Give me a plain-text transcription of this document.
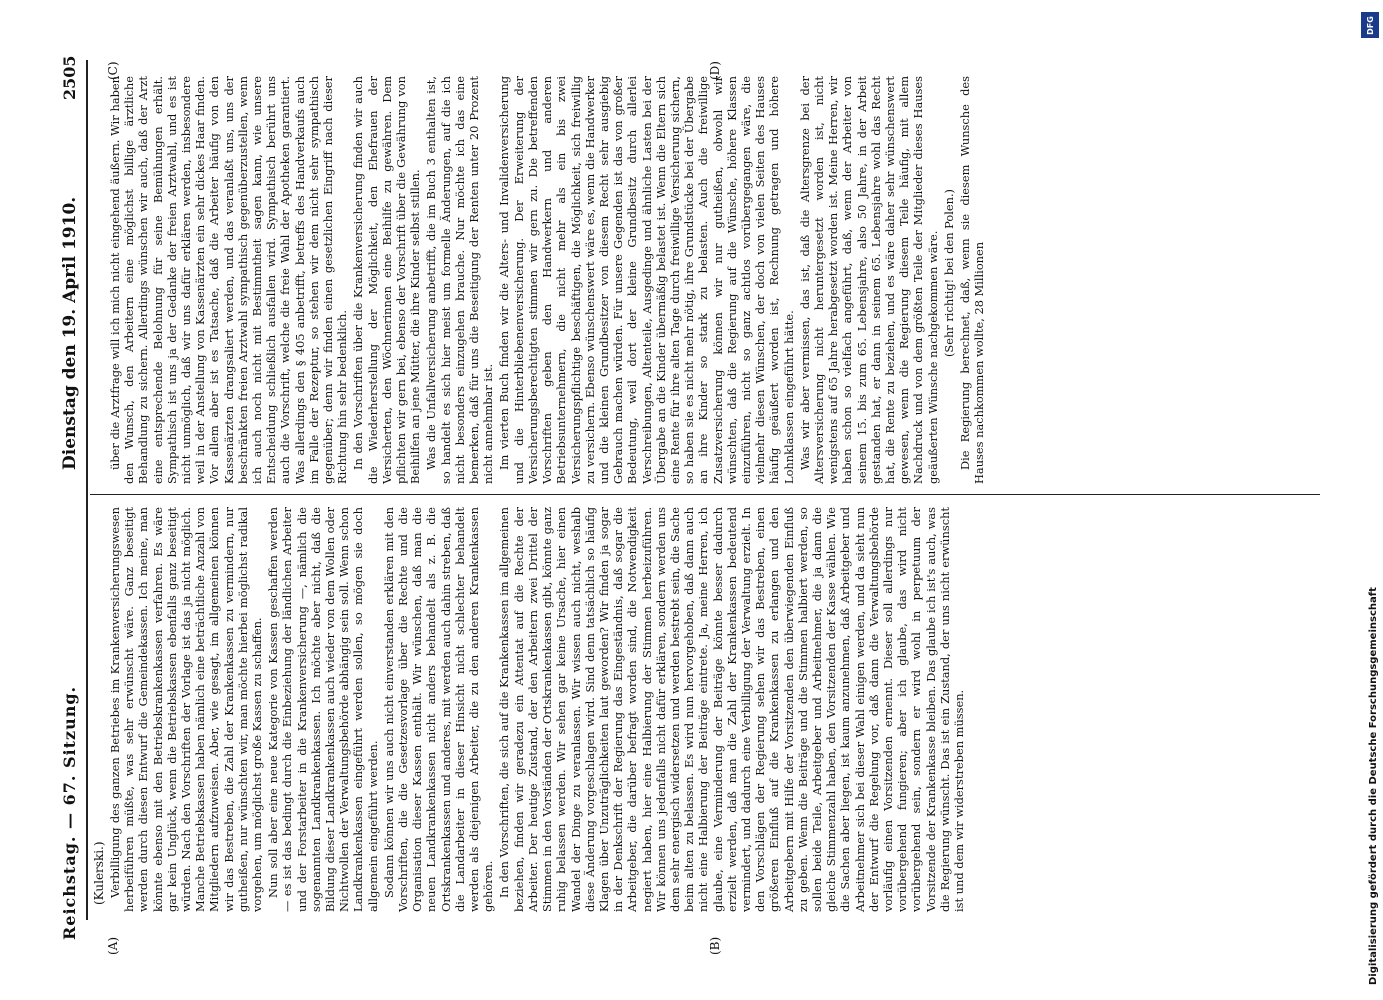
DFG
Digitalisierung gefördert durch die Deutsche Forschungsgemeinschaft
Reichstag. — 67. Sitzung.
Dienstag den 19. April 1910.
2505
(A)	(B)
(C)	(D)
(Kulerski.) Verbilligung des ganzen Betriebes im Krankenversicherungswesen herbeiführen müßte, was sehr erwünscht wäre. Ganz beseitigt werden durch diesen Entwurf die Gemeindekassen. Ich meine, man könnte ebenso mit den Betriebskrankenkassen verfahren. Es wäre gar kein Unglück, wenn die Betriebskassen ebenfalls ganz beseitigt würden. Nach den Vorschriften der Vorlage ist das ja nicht möglich. Manche Betriebskassen haben nämlich eine beträchtliche Anzahl von Mitgliedern aufzuweisen. Aber, wie gesagt, im allgemeinen können wir das Bestreben, die Zahl der Krankenkassen zu vermindern, nur gutheißen, nur wünschten wir, man möchte hierbei möglichst radikal vorgehen, um möglichst große Kassen zu schaffen. Nun soll aber eine neue Kategorie von Kassen geschaffen werden — es ist das bedingt durch die Einbeziehung der ländlichen Arbeiter und der Forstarbeiter in die Krankenversicherung —, nämlich die sogenannten Landkrankenkassen. Ich möchte aber nicht, daß die Bildung dieser Landkrankenkassen auch wieder von dem Wollen oder Nichtwollen der Verwaltungsbehörde abhängig sein soll. Wenn schon Landkrankenkassen eingeführt werden sollen, so mögen sie doch allgemein eingeführt werden. Sodann können wir uns auch nicht einverstanden erklären mit den Vorschriften, die die Gesetzesvorlage über die Rechte und die Organisation dieser Kassen enthält. Wir wünschen, daß man die neuen Landkrankenkassen nicht anders behandelt als z. B. die Ortskrankenkassen und anderes, mit werden auch dahin streben, daß die Landarbeiter in dieser Hinsicht nicht schlechter behandelt werden als diejenigen Arbeiter, die zu den anderen Krankenkassen gehören. In den Vorschriften, die sich auf die Krankenkassen im allgemeinen beziehen, finden wir geradezu ein Attentat auf die Rechte der Arbeiter. Der heutige Zustand, der den Arbeitern zwei Drittel der Stimmen in den Vorständen der Ortskrankenkassen gibt, könnte ganz ruhig belassen werden. Wir sehen gar keine Ursache, hier einen Wandel der Dinge zu veranlassen. Wir wissen auch nicht, weshalb diese Änderung vorgeschlagen wird. Sind denn tatsächlich so häufig Klagen über Unzuträglichkeiten laut geworden? Wir finden ja sogar in der Denkschrift der Regierung das Eingeständnis, daß sogar die Arbeitgeber, die darüber befragt worden sind, die Notwendigkeit negiert haben, hier eine Halbierung der Stimmen herbeizuführen. Wir können uns jedenfalls nicht dafür erklären, sondern werden uns dem sehr energisch widersetzen und werden bestrebt sein, die Sache beim alten zu belassen. Es wird nun hervorgehoben, daß dann auch nicht eine Halbierung der Beiträge eintrete. Ja, meine Herren, ich glaube, eine Verminderung der Beiträge könnte besser dadurch erzielt werden, daß man die Zahl der Krankenkassen bedeutend vermindert, und dadurch eine Verbilligung der Verwaltung erzielt. In den Vorschlägen der Regierung sehen wir das Bestreben, einen größeren Einfluß auf die Krankenkassen zu erlangen und den Arbeitgebern mit Hilfe der Vorsitzenden den überwiegenden Einfluß zu geben. Wenn die Beiträge und die Stimmen halbiert werden, so sollen beide Teile, Arbeitgeber und Arbeitnehmer, die ja dann die gleiche Stimmenzahl haben, den Vorsitzenden der Kasse wählen. Wie die Sachen aber liegen, ist kaum anzunehmen, daß Arbeitgeber und Arbeitnehmer sich bei dieser Wahl einigen werden, und da sieht nun der Entwurf die Regelung vor, daß dann die Verwaltungsbehörde vorläufig einen Vorsitzenden ernennt. Dieser soll allerdings nur vorübergehend fungieren; aber ich glaube, das wird nicht vorübergehend sein, sondern er wird wohl in perpetuum der Vorsitzende der Krankenkasse bleiben. Das glaube ich ist's auch, was die Regierung wünscht. Das ist ein Zustand, der uns nicht erwünscht ist und dem wir widerstreben müssen.

über die Arztfrage will ich mich nicht eingehend äußern. Wir haben den Wunsch, den Arbeitern eine möglichst billige ärztliche Behandlung zu sichern. Allerdings wünschen wir auch, daß der Arzt eine entsprechende Belohnung für seine Bemühungen erhält. Sympathisch ist uns ja der Gedanke der freien Arztwahl, und es ist nicht unmöglich, daß wir uns dafür erklären werden, insbesondere weil in der Anstellung von Kassenärzten ein sehr dickes Haar finden. Vor allem aber ist es Tatsache, daß die Arbeiter häufig von den Kassenärzten drangsaliert werden, und das veranlaßt uns, uns der beschränkten freien Arztwahl sympathisch gegenüberzustellen, wenn ich auch noch nicht mit Bestimmtheit sagen kann, wie unsere Entscheidung schließlich ausfallen wird. Sympathisch berührt uns auch die Vorschrift, welche die freie Wahl der Apotheken garantiert. Was allerdings den § 405 anbetrifft, betreffs des Handverkaufs auch im Falle der Rezeptur, so stehen wir dem nicht sehr sympathisch gegenüber; denn wir finden einen gesetzlichen Eingriff nach dieser Richtung hin sehr bedenklich. In den Vorschriften über die Krankenversicherung finden wir auch die Wiederherstellung der Möglichkeit, den Ehefrauen der Versicherten, den Wöchnerinnen eine Beihilfe zu gewähren. Dem pflichten wir gern bei, ebenso der Vorschrift über die Gewährung von Beihilfen an jene Mütter, die ihre Kinder selbst stillen. Was die Unfallversicherung anbetrifft, die im Buch 3 enthalten ist, so handelt es sich hier meist um formelle Änderungen, auf die ich nicht besonders einzugehen brauche. Nur möchte ich das eine bemerken, daß für uns die Beseitigung der Renten unter 20 Prozent nicht annehmbar ist. Im vierten Buch finden wir die Alters- und Invalidenversicherung und die Hinterbliebenenversicherung. Der Erweiterung der Versicherungsberechtigten stimmen wir gern zu. Die betreffenden Vorschriften geben den Handwerkern und anderen Betriebsunternehmern, die nicht mehr als ein bis zwei Versicherungspflichtige beschäftigen, die Möglichkeit, sich freiwillig zu versichern. Ebenso wünschenswert wäre es, wenn die Handwerker und die kleinen Grundbesitzer von diesem Recht sehr ausgiebig Gebrauch machen würden. Für unsere Gegenden ist das von großer Bedeutung, weil dort der kleine Grundbesitz durch allerlei Verschreibungen, Altenteile, Ausgedinge und ähnliche Lasten bei der Übergabe an die Kinder übermäßig belastet ist. Wenn die Eltern sich eine Rente für ihre alten Tage durch freiwillige Versicherung sichern, so haben sie es nicht mehr nötig, ihre Grundstücke bei der Übergabe an ihre Kinder so stark zu belasten. Auch die freiwillige Zusatzversicherung können wir nur gutheißen, obwohl wir wünschten, daß die Regierung auf die Wünsche, höhere Klassen einzuführen, nicht so ganz achtlos vorübergegangen wäre, die vielmehr diesen Wünschen, der doch von vielen Seiten des Hauses häufig geäußert worden ist, Rechnung getragen und höhere Lohnklassen eingeführt hätte. Was wir aber vermissen, das ist, daß die Altersgrenze bei der Altersversicherung nicht heruntergesetzt worden ist, nicht wenigstens auf 65 Jahre herabgesetzt worden ist. Meine Herren, wir haben schon so vielfach angeführt, daß, wenn der Arbeiter von seinem 15. bis zum 65. Lebensjahre, also 50 Jahre, in der Arbeit gestanden hat, er dann in seinem 65. Lebensjahre wohl das Recht hat, die Rente zu beziehen, und es wäre daher sehr wünschenswert gewesen, wenn die Regierung diesem Teile häufig, mit allem Nachdruck und von dem größten Teile der Mitglieder dieses Hauses geäußerten Wünsche nachgekommen wäre. (Sehr richtig! bei den Polen.) Die Regierung berechnet, daß, wenn sie diesem Wunsche des Hauses nachkommen wollte, 28 Millionen
